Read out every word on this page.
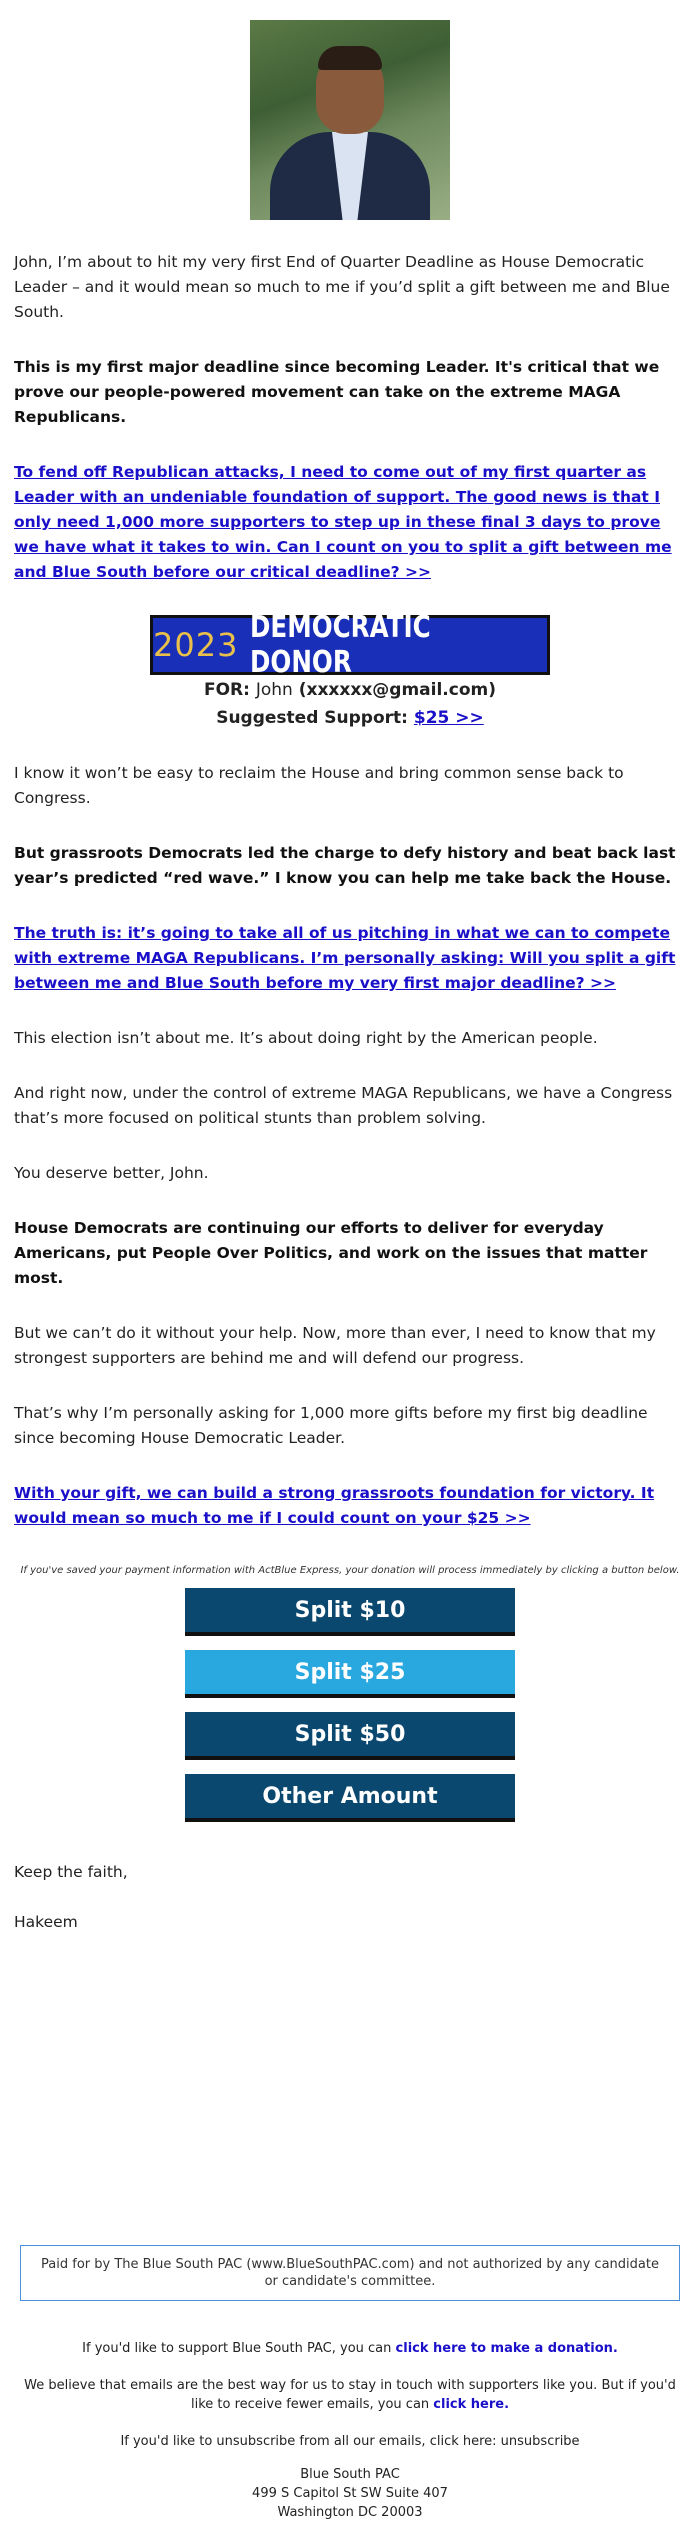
John, I’m about to hit my very first End of Quarter Deadline as House Democratic Leader – and it would mean so much to me if you’d split a gift between me and Blue South.

This is my first major deadline since becoming Leader. It's critical that we prove our people-powered movement can take on the extreme MAGA Republicans.

To fend off Republican attacks, I need to come out of my first quarter as Leader with an undeniable foundation of support. The good news is that I only need 1,000 more supporters to step up in these final 3 days to prove we have what it takes to win. Can I count on you to split a gift between me and Blue South before our critical deadline? >>

2023 DEMOCRATIC DONOR
FOR: John (xxxxxx@gmail.com)
Suggested Support: $25 >>

I know it won’t be easy to reclaim the House and bring common sense back to Congress.

But grassroots Democrats led the charge to defy history and beat back last year’s predicted “red wave.” I know you can help me take back the House.

The truth is: it’s going to take all of us pitching in what we can to compete with extreme MAGA Republicans. I’m personally asking: Will you split a gift between me and Blue South before my very first major deadline? >>

This election isn’t about me. It’s about doing right by the American people.

And right now, under the control of extreme MAGA Republicans, we have a Congress that’s more focused on political stunts than problem solving.

You deserve better, John.

House Democrats are continuing our efforts to deliver for everyday Americans, put People Over Politics, and work on the issues that matter most.

But we can’t do it without your help. Now, more than ever, I need to know that my strongest supporters are behind me and will defend our progress.

That’s why I’m personally asking for 1,000 more gifts before my first big deadline since becoming House Democratic Leader.

With your gift, we can build a strong grassroots foundation for victory. It would mean so much to me if I could count on your $25 >>

If you've saved your payment information with ActBlue Express, your donation will process immediately by clicking a button below.
Split $10
Split $25
Split $50
Other Amount
Keep the faith,
Hakeem
Paid for by The Blue South PAC (www.BlueSouthPAC.com) and not authorized by any candidate or candidate's committee.
If you'd like to support Blue South PAC, you can click here to make a donation.
We believe that emails are the best way for us to stay in touch with supporters like you. But if you'd like to receive fewer emails, you can click here.
If you'd like to unsubscribe from all our emails, click here: unsubscribe
Blue South PAC
499 S Capitol St SW Suite 407
Washington DC 20003
